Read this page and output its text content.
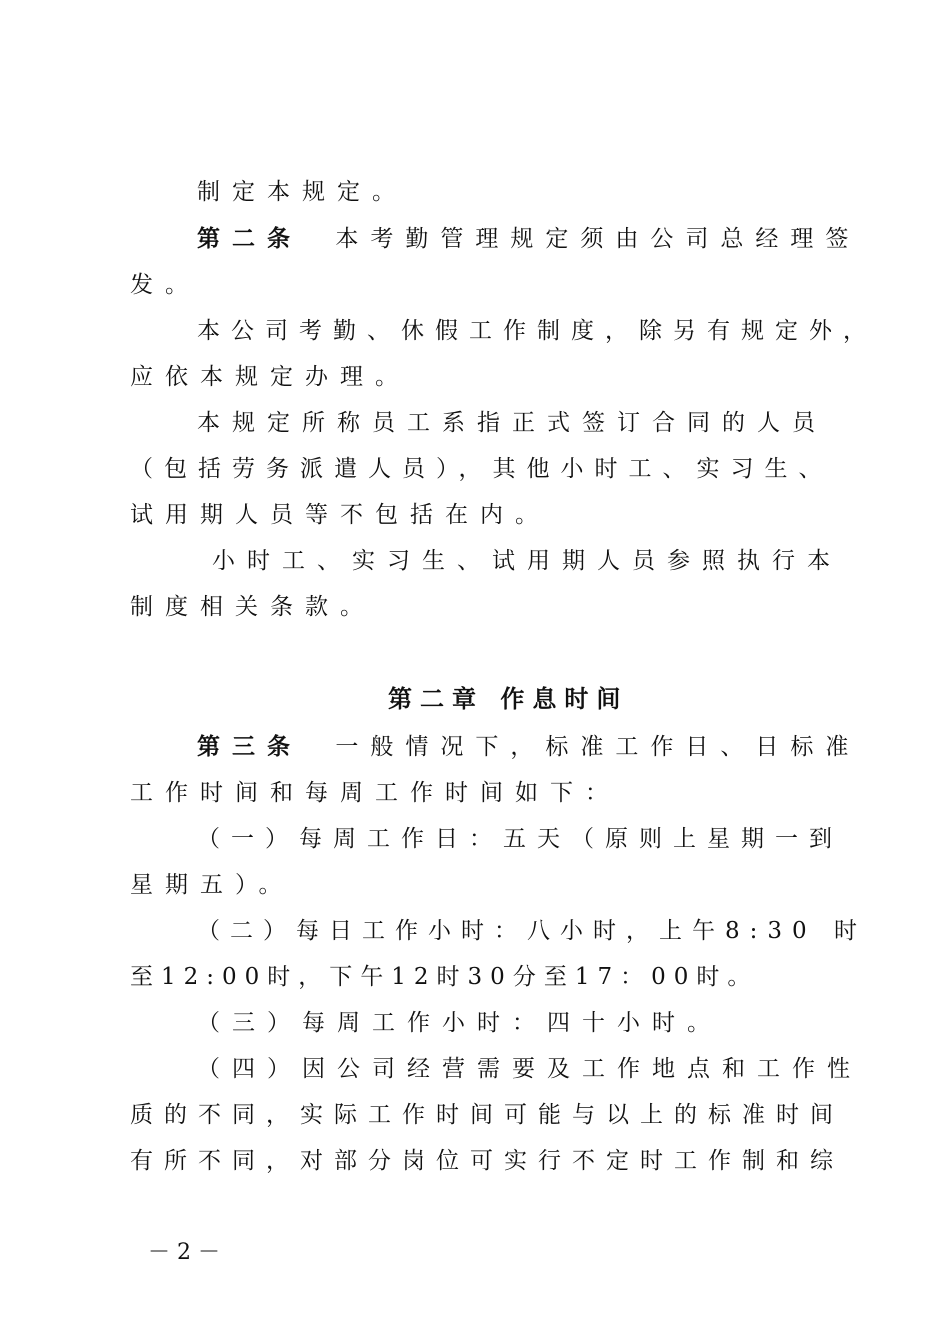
制定本规定。
第二条 本考勤管理规定须由公司总经理签
发。
本公司考勤、休假工作制度，除另有规定外，
应依本规定办理。
本规定所称员工系指正式签订合同的人员
（包括劳务派遣人员），其他小时工、实习生、
试用期人员等不包括在内。
小时工、实习生、试用期人员参照执行本
制度相关条款。
第二章 作息时间
第三条 一般情况下，标准工作日、日标准
工作时间和每周工作时间如下：
（一）每周工作日：五天（原则上星期一到
星期五）。
（二）每日工作小时：八小时，上午8:30 时
至12:00时，下午12时30分至17：00时。
（三）每周工作小时：四十小时。
（四）因公司经营需要及工作地点和工作性
质的不同，实际工作时间可能与以上的标准时间
有所不同，对部分岗位可实行不定时工作制和综
－ 2 －
